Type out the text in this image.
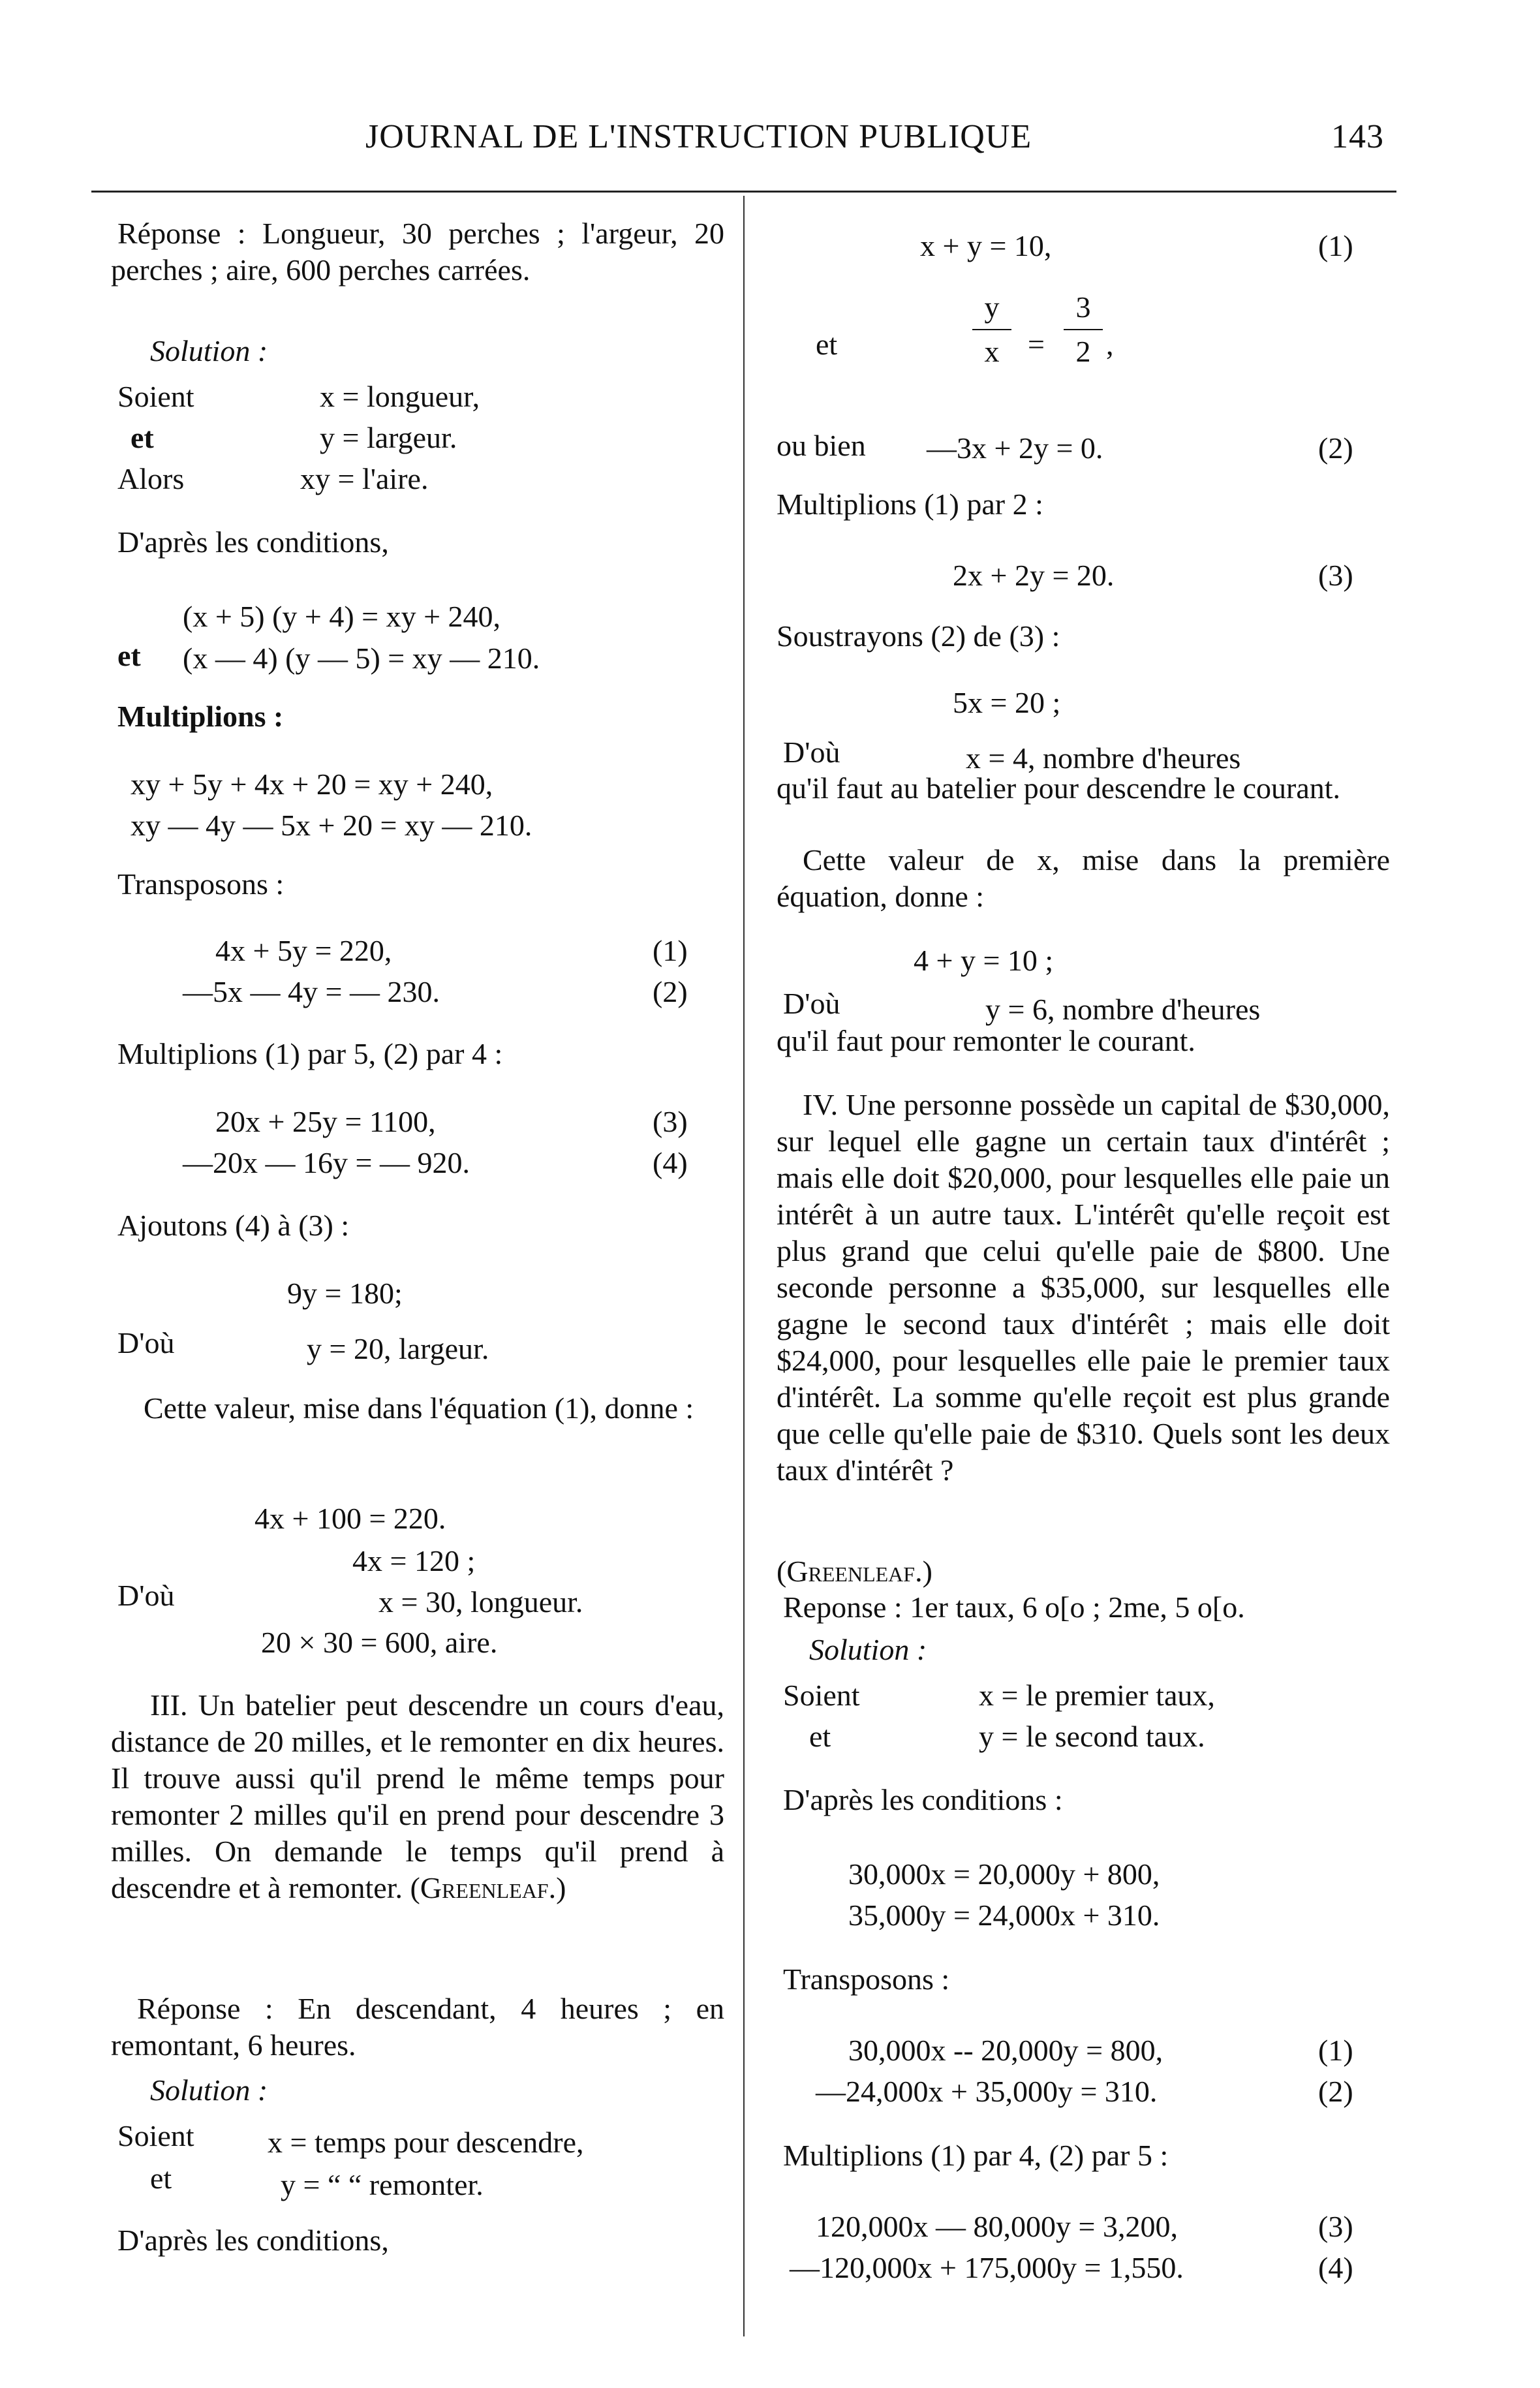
JOURNAL DE L'INSTRUCTION PUBLIQUE	143
Réponse : Longueur, 30 perches ; l'argeur, 20 perches ; aire, 600 perches carrées.
Solution :
Soient	x = longueur,
et	y = largeur.
Alors	xy = l'aire.
D'après les conditions,
(x + 5) (y + 4) = xy + 240,
et (x — 4) (y — 5) = xy — 210.
Multiplions :
xy + 5y + 4x + 20 = xy + 240,
xy — 4y — 5x + 20 = xy — 210.
Transposons :
4x + 5y = 220,	(1)
—5x — 4y = — 230.	(2)
Multiplions (1) par 5, (2) par 4 :
20x + 25y = 1100,	(3)
—20x — 16y = — 920.	(4)
Ajoutons (4) à (3) :
9y = 180;
D'où	y = 20, largeur.
Cette valeur, mise dans l'équation (1), donne :
4x + 100 = 220.
4x = 120 ;
D'où	x = 30, longueur.
20 × 30 = 600, aire.
III. Un batelier peut descendre un cours d'eau, distance de 20 milles, et le remonter en dix heures. Il trouve aussi qu'il prend le même temps pour remonter 2 milles qu'il en prend pour descendre 3 milles. On demande le temps qu'il prend à descendre et à remonter. (Greenleaf.)
Réponse : En descendant, 4 heures ; en remontant, 6 heures.
Solution :
Soient x = temps pour descendre,
et	y = “ “ remonter.
D'après les conditions,
x + y = 10,	(1)
et
y
x =
3
2 ,
ou bien —3x + 2y = 0.	(2)
Multiplions (1) par 2 :
2x + 2y = 20.	(3)
Soustrayons (2) de (3) :
5x = 20 ;
D'où	x = 4, nombre d'heures
qu'il faut au batelier pour descendre le courant.
Cette valeur de x, mise dans la première équation, donne :
4 + y = 10 ;
D'où	y = 6, nombre d'heures
qu'il faut pour remonter le courant.
IV. Une personne possède un capital de $30,000, sur lequel elle gagne un certain taux d'intérêt ; mais elle doit $20,000, pour lesquelles elle paie un intérêt à un autre taux. L'intérêt qu'elle reçoit est plus grand que celui qu'elle paie de $800. Une seconde personne a $35,000, sur lesquelles elle gagne le second taux d'intérêt ; mais elle doit $24,000, pour lesquelles elle paie le premier taux d'intérêt. La somme qu'elle reçoit est plus grande que celle qu'elle paie de $310. Quels sont les deux taux d'intérêt ?
(Greenleaf.)
Reponse : 1er taux, 6 o[o ; 2me, 5 o[o.
Solution :
Soient	x = le premier taux,
et	y = le second taux.
D'après les conditions :
30,000x = 20,000y + 800,
35,000y = 24,000x + 310.
Transposons :
30,000x -- 20,000y = 800,	(1)
—24,000x + 35,000y = 310.	(2)
Multiplions (1) par 4, (2) par 5 :
120,000x — 80,000y = 3,200,	(3)
—120,000x + 175,000y = 1,550.	(4)
